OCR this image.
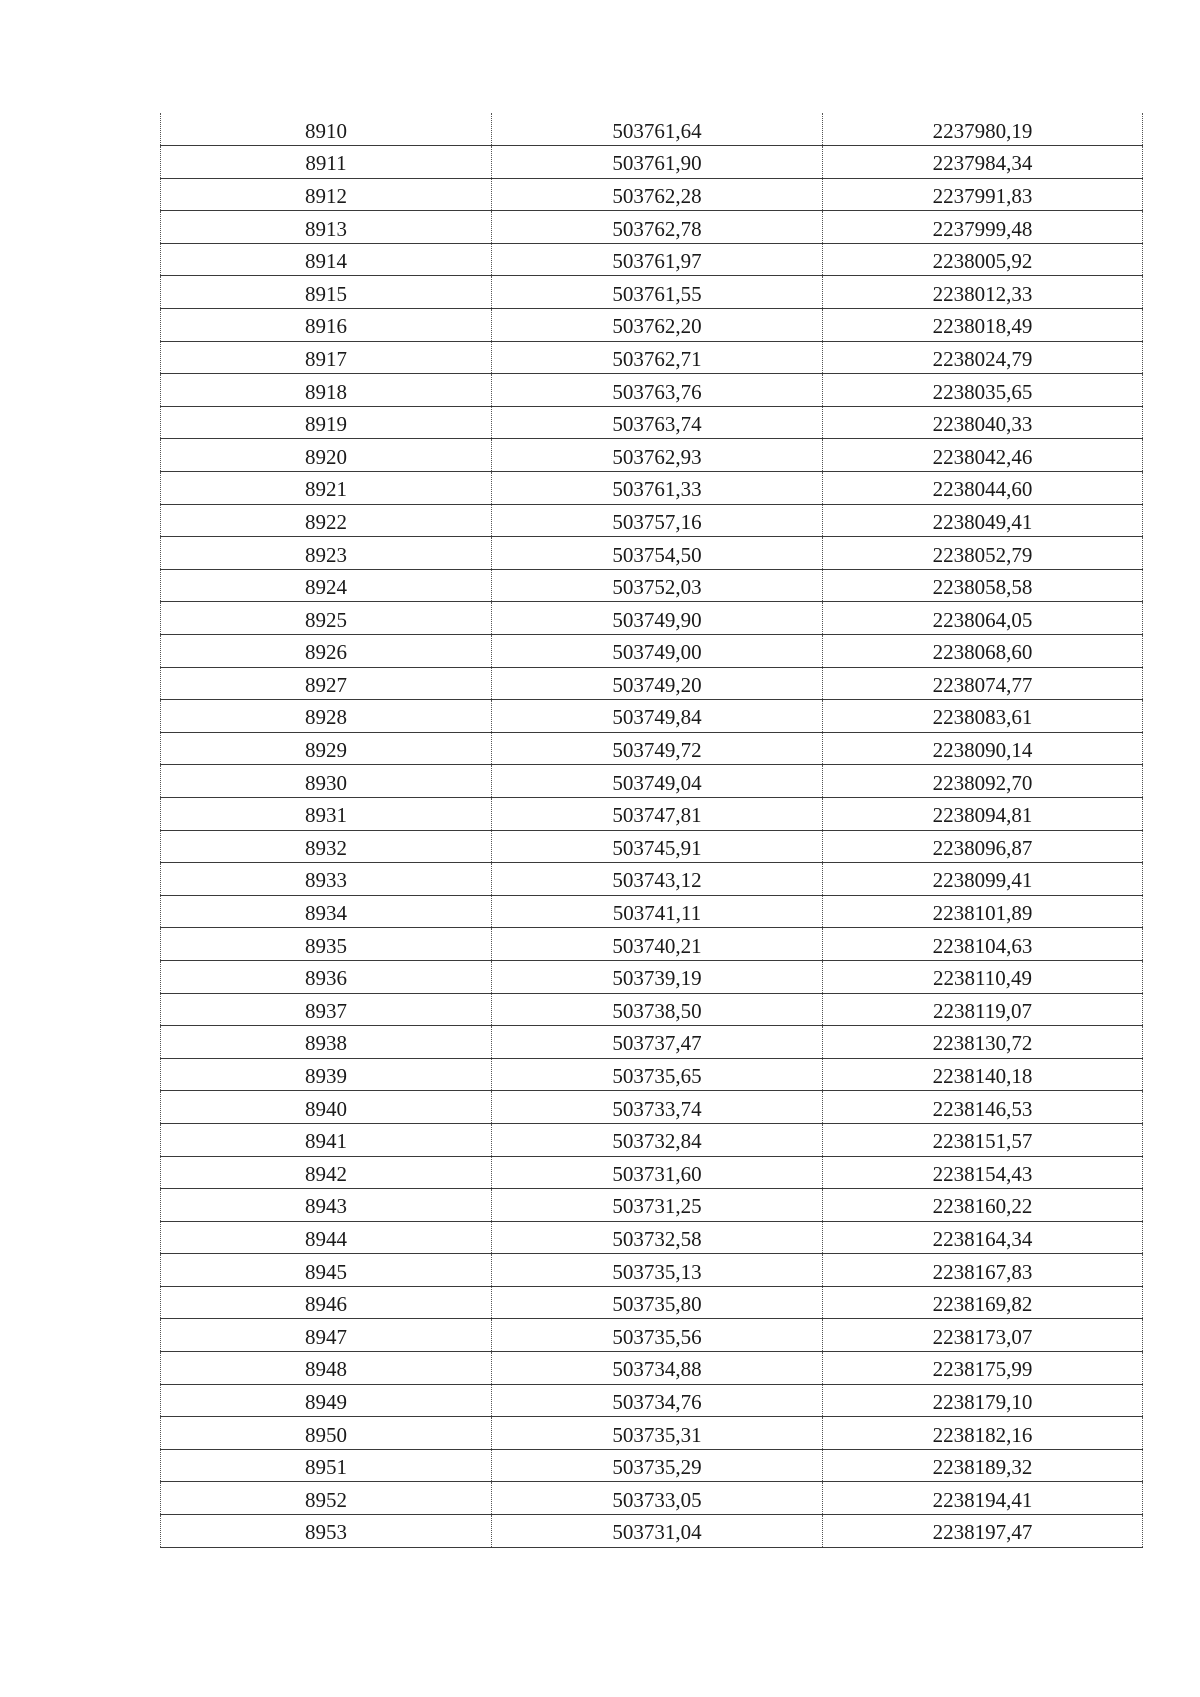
8910	503761,64	2237980,19
8911	503761,90	2237984,34
8912	503762,28	2237991,83
8913	503762,78	2237999,48
8914	503761,97	2238005,92
8915	503761,55	2238012,33
8916	503762,20	2238018,49
8917	503762,71	2238024,79
8918	503763,76	2238035,65
8919	503763,74	2238040,33
8920	503762,93	2238042,46
8921	503761,33	2238044,60
8922	503757,16	2238049,41
8923	503754,50	2238052,79
8924	503752,03	2238058,58
8925	503749,90	2238064,05
8926	503749,00	2238068,60
8927	503749,20	2238074,77
8928	503749,84	2238083,61
8929	503749,72	2238090,14
8930	503749,04	2238092,70
8931	503747,81	2238094,81
8932	503745,91	2238096,87
8933	503743,12	2238099,41
8934	503741,11	2238101,89
8935	503740,21	2238104,63
8936	503739,19	2238110,49
8937	503738,50	2238119,07
8938	503737,47	2238130,72
8939	503735,65	2238140,18
8940	503733,74	2238146,53
8941	503732,84	2238151,57
8942	503731,60	2238154,43
8943	503731,25	2238160,22
8944	503732,58	2238164,34
8945	503735,13	2238167,83
8946	503735,80	2238169,82
8947	503735,56	2238173,07
8948	503734,88	2238175,99
8949	503734,76	2238179,10
8950	503735,31	2238182,16
8951	503735,29	2238189,32
8952	503733,05	2238194,41
8953	503731,04	2238197,47
